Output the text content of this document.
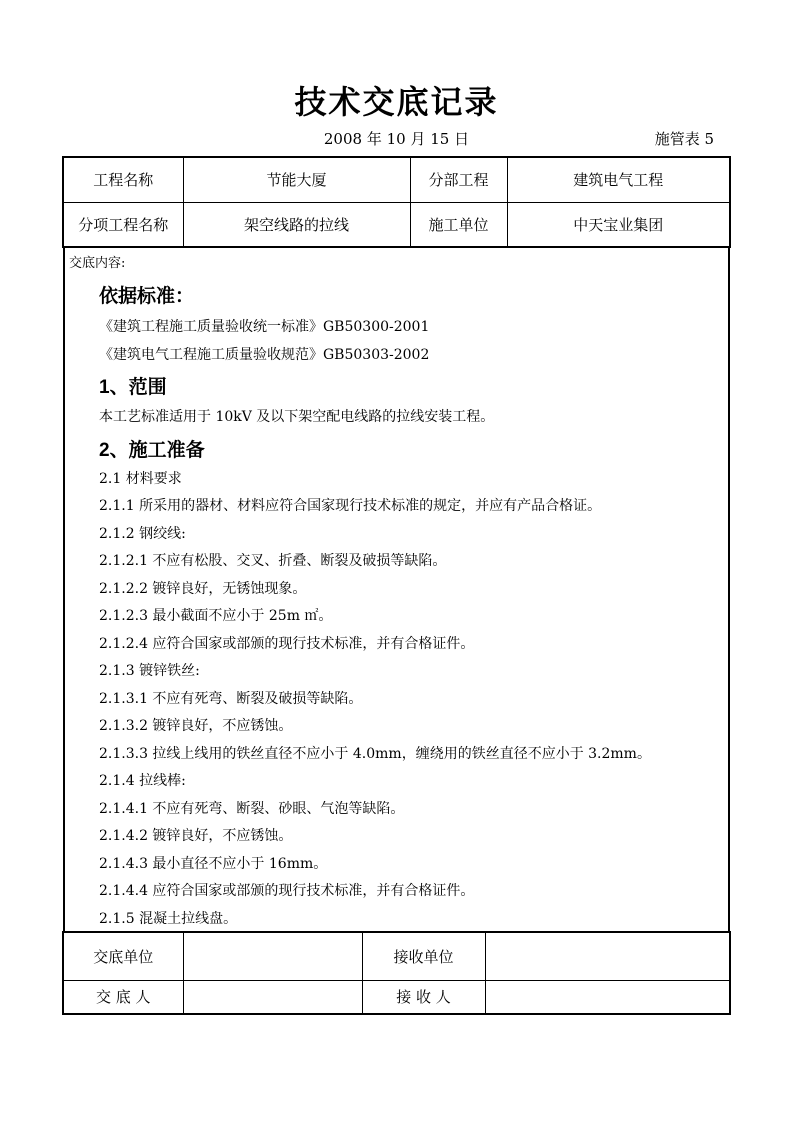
技术交底记录
2008 年 10 月 15 日	施管表 5
工程名称	节能大厦	分部工程	建筑电气工程
分项工程名称	架空线路的拉线	施工单位	中天宝业集团
交底内容:
依据标准：
《建筑工程施工质量验收统一标准》GB50300-2001
《建筑电气工程施工质量验收规范》GB50303-2002
1、范围
本工艺标准适用于 10kV 及以下架空配电线路的拉线安装工程。
2、施工准备
2.1 材料要求
2.1.1 所采用的器材、材料应符合国家现行技术标准的规定，并应有产品合格证。
2.1.2 钢绞线:
2.1.2.1 不应有松股、交叉、折叠、断裂及破损等缺陷。
2.1.2.2 镀锌良好，无锈蚀现象。
2.1.2.3 最小截面不应小于 25m ㎡。
2.1.2.4 应符合国家或部颁的现行技术标准，并有合格证件。
2.1.3 镀锌铁丝:
2.1.3.1 不应有死弯、断裂及破损等缺陷。
2.1.3.2 镀锌良好，不应锈蚀。
2.1.3.3 拉线上线用的铁丝直径不应小于 4.0mm，缠绕用的铁丝直径不应小于 3.2mm。
2.1.4 拉线棒:
2.1.4.1 不应有死弯、断裂、砂眼、气泡等缺陷。
2.1.4.2 镀锌良好，不应锈蚀。
2.1.4.3 最小直径不应小于 16mm。
2.1.4.4 应符合国家或部颁的现行技术标准，并有合格证件。
2.1.5 混凝土拉线盘。
交底单位		接收单位	
交 底 人		接 收 人	
